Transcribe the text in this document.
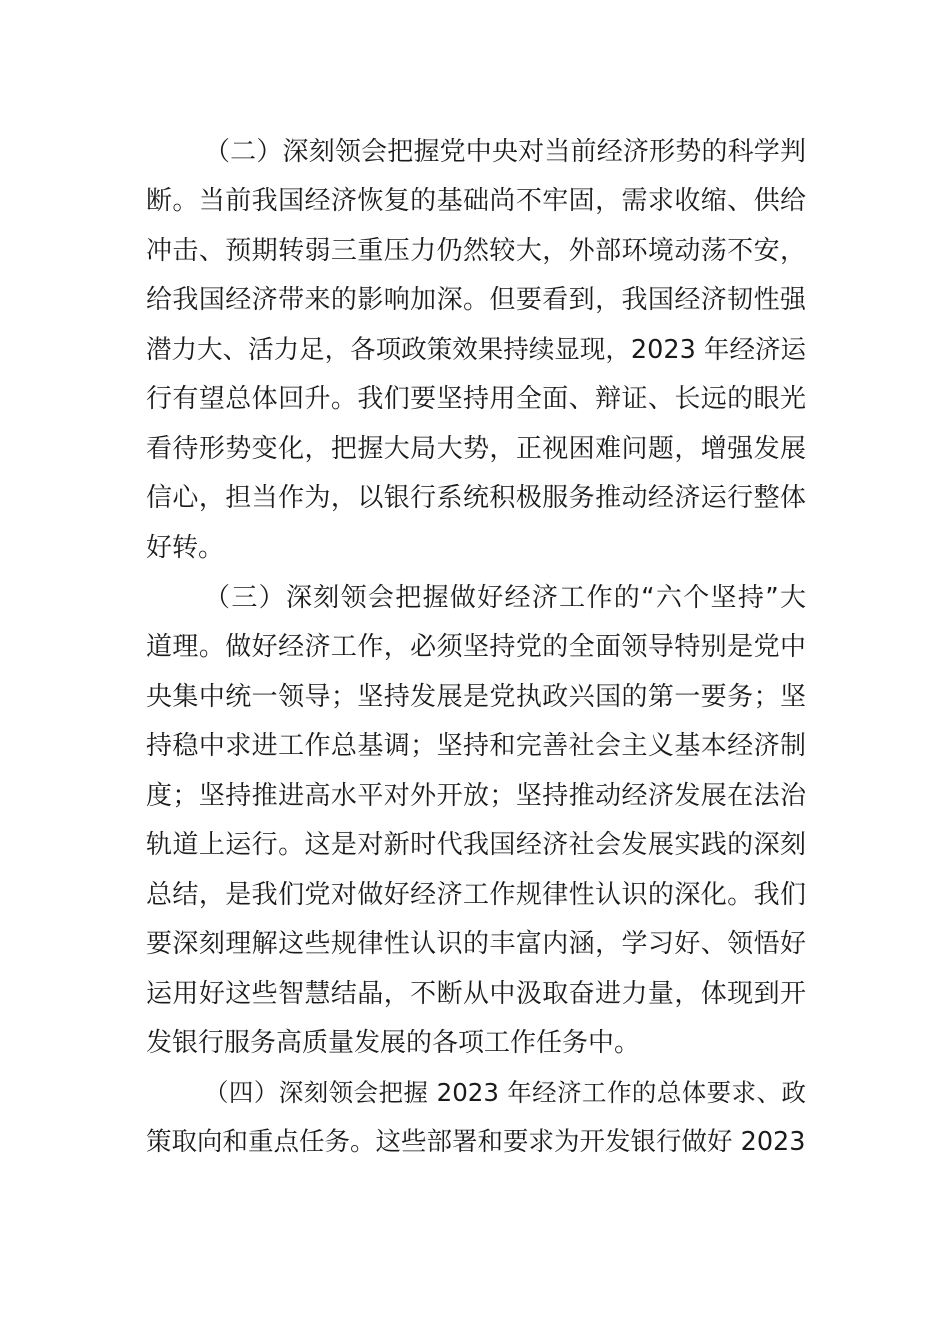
（二）深刻领会把握党中央对当前经济形势的科学判
断。当前我国经济恢复的基础尚不牢固，需求收缩、供给
冲击、预期转弱三重压力仍然较大，外部环境动荡不安，
给我国经济带来的影响加深。但要看到，我国经济韧性强
潜力大、活力足，各项政策效果持续显现，2023 年经济运
行有望总体回升。我们要坚持用全面、辩证、长远的眼光
看待形势变化，把握大局大势，正视困难问题，增强发展
信心，担当作为，以银行系统积极服务推动经济运行整体
好转。
（三）深刻领会把握做好经济工作的“六个坚持”大
道理。做好经济工作，必须坚持党的全面领导特别是党中
央集中统一领导；坚持发展是党执政兴国的第一要务；坚
持稳中求进工作总基调；坚持和完善社会主义基本经济制
度；坚持推进高水平对外开放；坚持推动经济发展在法治
轨道上运行。这是对新时代我国经济社会发展实践的深刻
总结，是我们党对做好经济工作规律性认识的深化。我们
要深刻理解这些规律性认识的丰富内涵，学习好、领悟好
运用好这些智慧结晶，不断从中汲取奋进力量，体现到开
发银行服务高质量发展的各项工作任务中。
（四）深刻领会把握 2023 年经济工作的总体要求、政
策取向和重点任务。这些部署和要求为开发银行做好 2023
